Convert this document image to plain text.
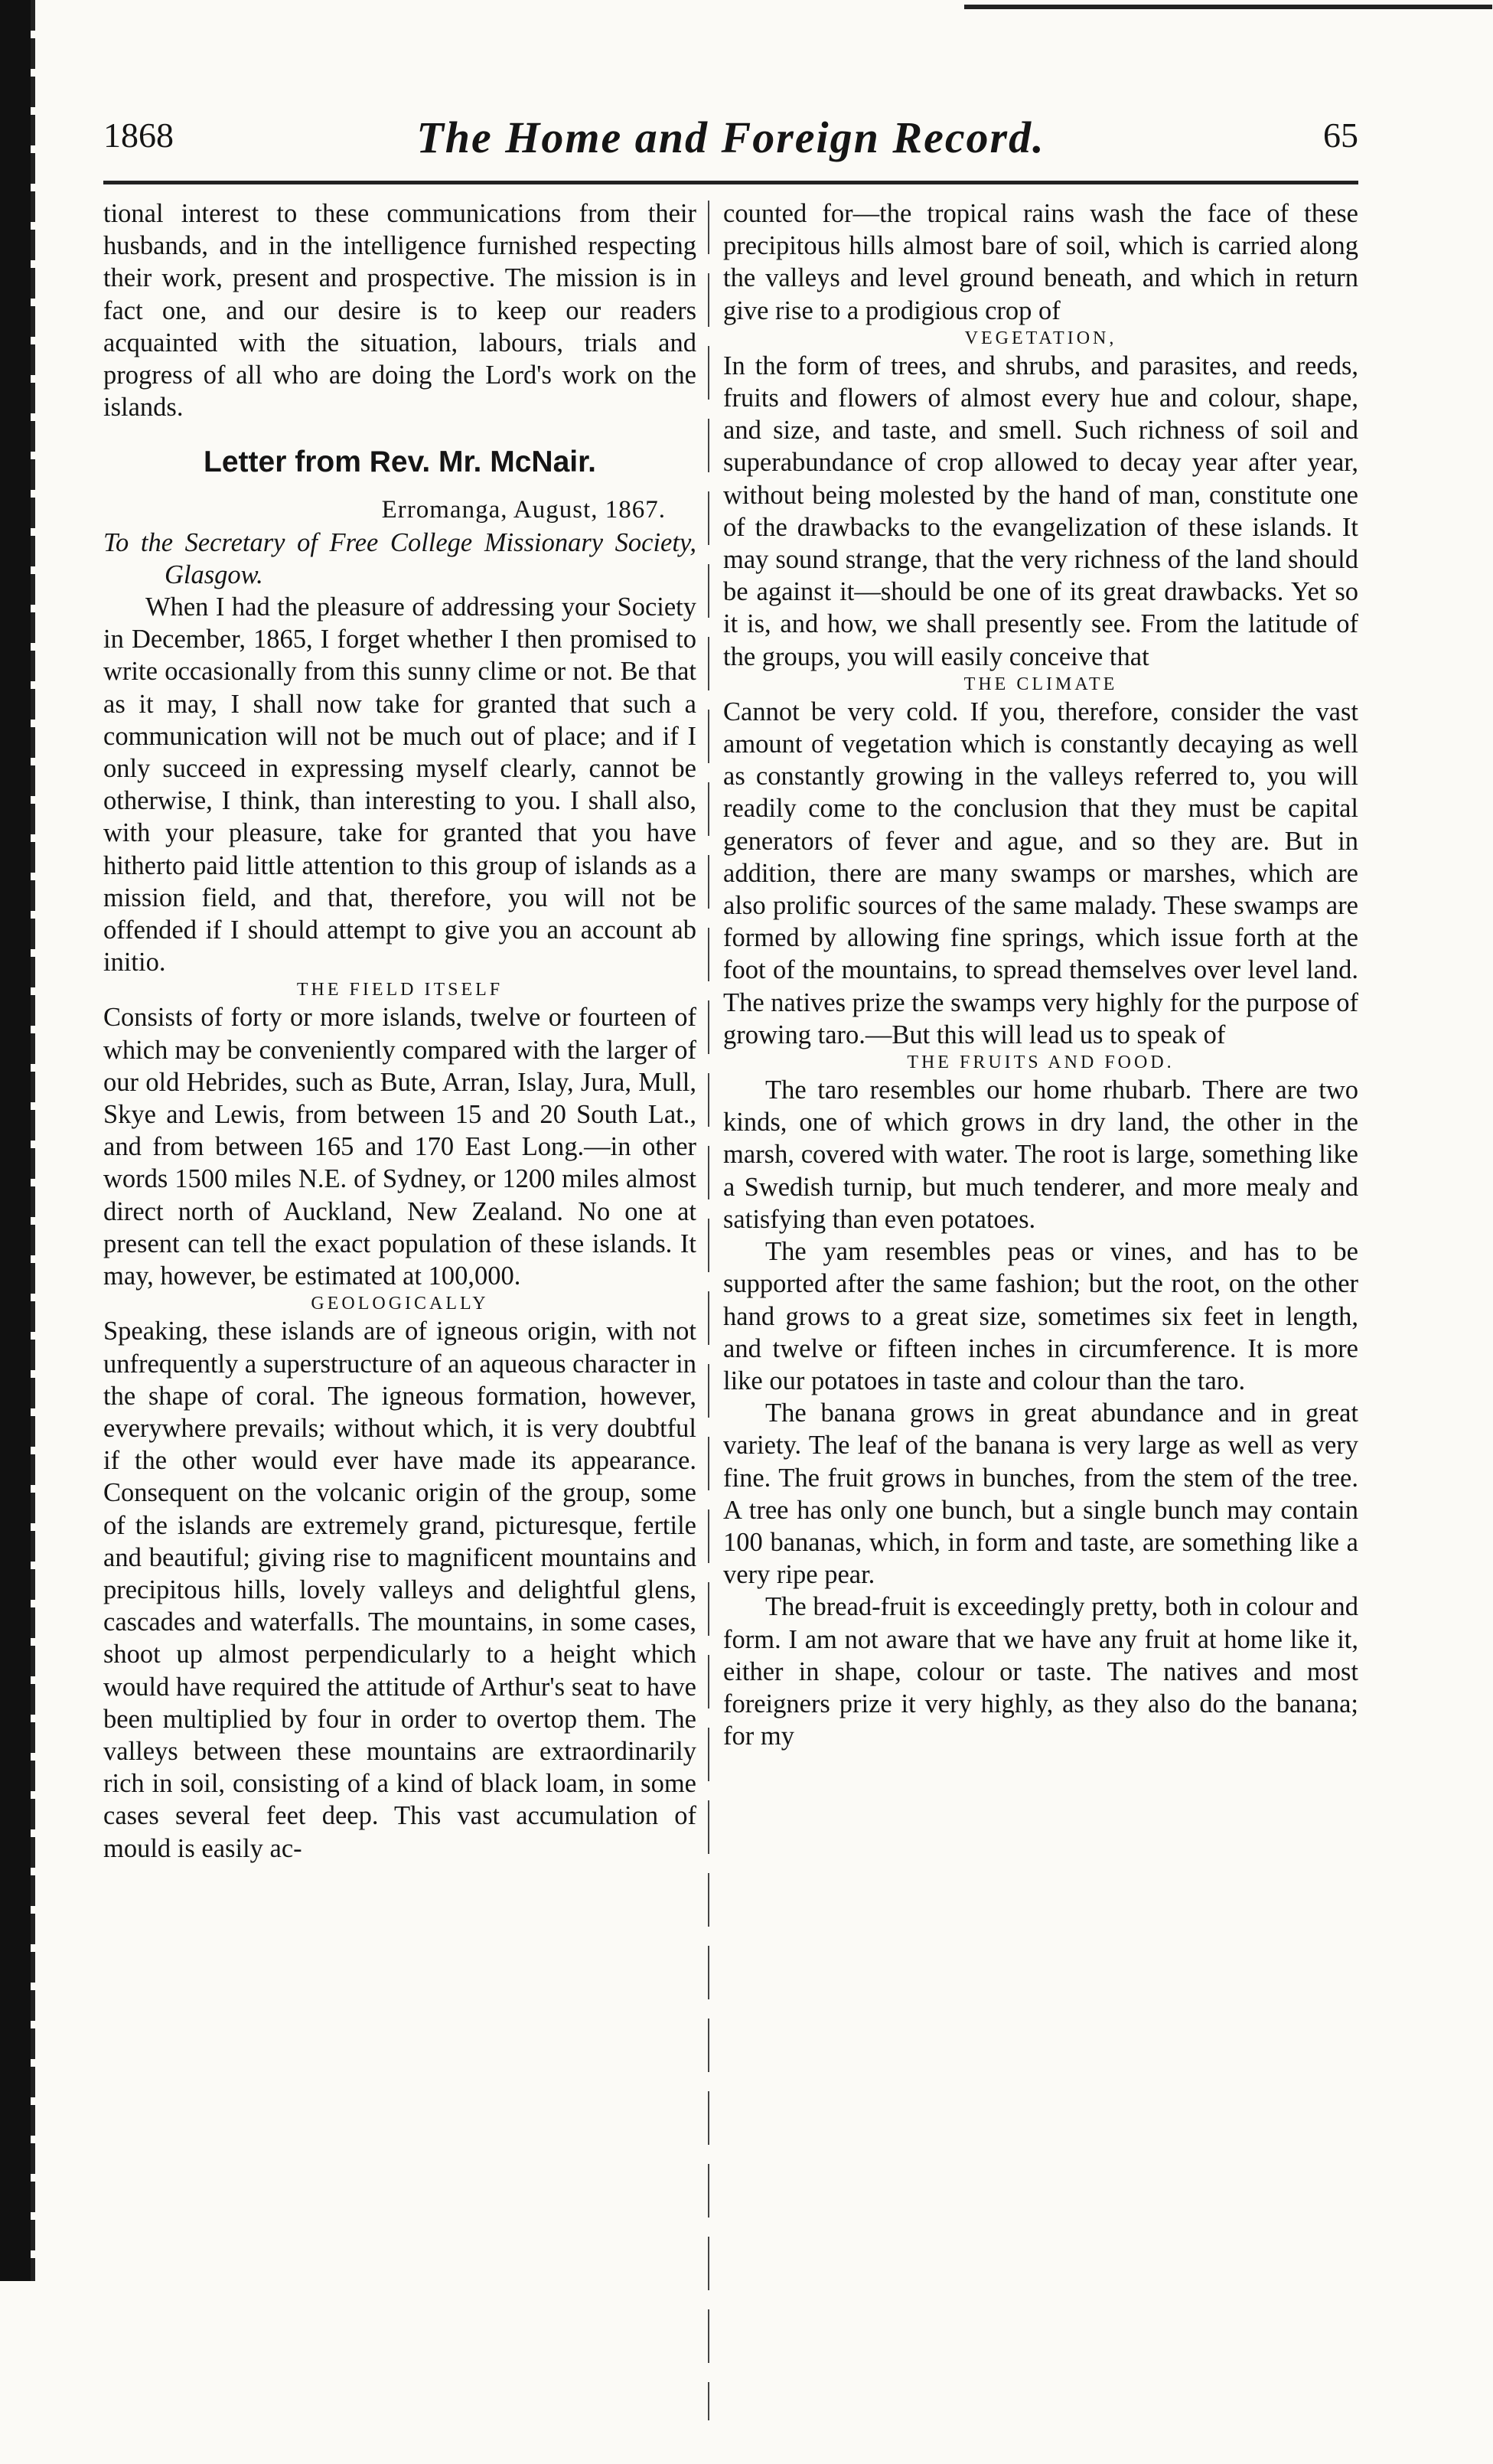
1868	The Home and Foreign Record.	65

tional interest to these communications from their husbands, and in the intelligence furnished respecting their work, present and prospective. The mission is in fact one, and our desire is to keep our readers acquainted with the situation, labours, trials and progress of all who are doing the Lord's work on the islands.

Letter from Rev. Mr. McNair.

Erromanga, August, 1867.

To the Secretary of Free College Missionary Society, Glasgow.

When I had the pleasure of addressing your Society in December, 1865, I forget whether I then promised to write occasionally from this sunny clime or not. Be that as it may, I shall now take for granted that such a communication will not be much out of place; and if I only succeed in expressing myself clearly, cannot be otherwise, I think, than interesting to you. I shall also, with your pleasure, take for granted that you have hitherto paid little attention to this group of islands as a mission field, and that, therefore, you will not be offended if I should attempt to give you an account ab initio.

THE FIELD ITSELF

Consists of forty or more islands, twelve or fourteen of which may be conveniently compared with the larger of our old Hebrides, such as Bute, Arran, Islay, Jura, Mull, Skye and Lewis, from between 15 and 20 South Lat., and from between 165 and 170 East Long.—in other words 1500 miles N.E. of Sydney, or 1200 miles almost direct north of Auckland, New Zealand. No one at present can tell the exact population of these islands. It may, however, be estimated at 100,000.

GEOLOGICALLY

Speaking, these islands are of igneous origin, with not unfrequently a superstructure of an aqueous character in the shape of coral. The igneous formation, however, everywhere prevails; without which, it is very doubtful if the other would ever have made its appearance. Consequent on the volcanic origin of the group, some of the islands are extremely grand, picturesque, fertile and beautiful; giving rise to magnificent mountains and precipitous hills, lovely valleys and delightful glens, cascades and waterfalls. The mountains, in some cases, shoot up almost perpendicularly to a height which would have required the attitude of Arthur's seat to have been multiplied by four in order to overtop them. The valleys between these mountains are extraordinarily rich in soil, consisting of a kind of black loam, in some cases several feet deep. This vast accumulation of mould is easily ac-

counted for—the tropical rains wash the face of these precipitous hills almost bare of soil, which is carried along the valleys and level ground beneath, and which in return give rise to a prodigious crop of

VEGETATION,

In the form of trees, and shrubs, and parasites, and reeds, fruits and flowers of almost every hue and colour, shape, and size, and taste, and smell. Such richness of soil and superabundance of crop allowed to decay year after year, without being molested by the hand of man, constitute one of the drawbacks to the evangelization of these islands. It may sound strange, that the very richness of the land should be against it—should be one of its great drawbacks. Yet so it is, and how, we shall presently see. From the latitude of the groups, you will easily conceive that

THE CLIMATE

Cannot be very cold. If you, therefore, consider the vast amount of vegetation which is constantly decaying as well as constantly growing in the valleys referred to, you will readily come to the conclusion that they must be capital generators of fever and ague, and so they are. But in addition, there are many swamps or marshes, which are also prolific sources of the same malady. These swamps are formed by allowing fine springs, which issue forth at the foot of the mountains, to spread themselves over level land. The natives prize the swamps very highly for the purpose of growing taro.—But this will lead us to speak of

THE FRUITS AND FOOD.

The taro resembles our home rhubarb. There are two kinds, one of which grows in dry land, the other in the marsh, covered with water. The root is large, something like a Swedish turnip, but much tenderer, and more mealy and satisfying than even potatoes.

The yam resembles peas or vines, and has to be supported after the same fashion; but the root, on the other hand grows to a great size, sometimes six feet in length, and twelve or fifteen inches in circumference. It is more like our potatoes in taste and colour than the taro.

The banana grows in great abundance and in great variety. The leaf of the banana is very large as well as very fine. The fruit grows in bunches, from the stem of the tree. A tree has only one bunch, but a single bunch may contain 100 bananas, which, in form and taste, are something like a very ripe pear.

The bread-fruit is exceedingly pretty, both in colour and form. I am not aware that we have any fruit at home like it, either in shape, colour or taste. The natives and most foreigners prize it very highly, as they also do the banana; for my
